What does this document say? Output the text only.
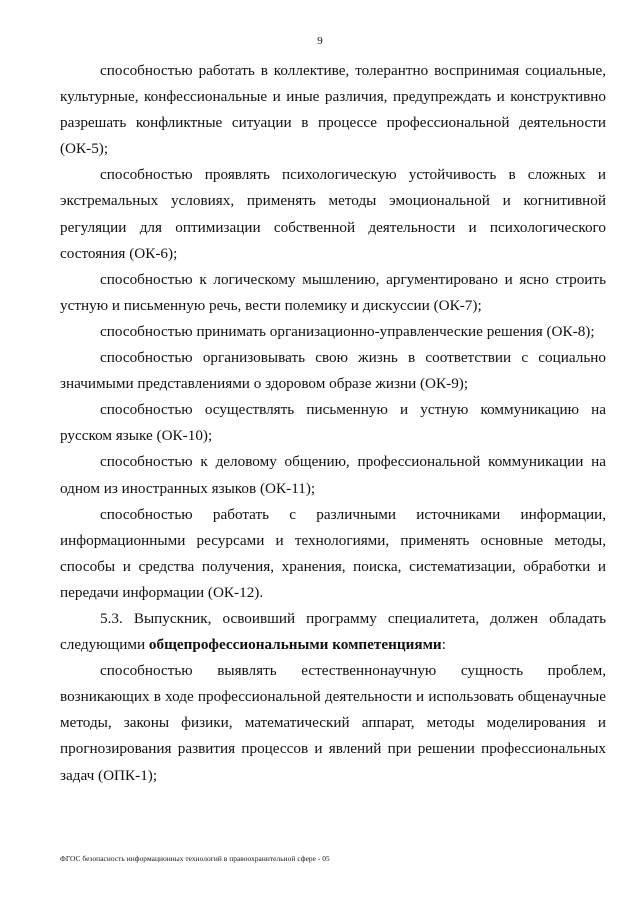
9

способностью работать в коллективе, толерантно воспринимая социальные, культурные, конфессиональные и иные различия, предупреждать и конструктивно разрешать конфликтные ситуации в процессе профессиональной деятельности (ОК-5);

способностью проявлять психологическую устойчивость в сложных и экстремальных условиях, применять методы эмоциональной и когнитивной регуляции для оптимизации собственной деятельности и психологического состояния (ОК-6);

способностью к логическому мышлению, аргументировано и ясно строить устную и письменную речь, вести полемику и дискуссии (ОК-7);

способностью принимать организационно-управленческие решения (ОК-8);

способностью организовывать свою жизнь в соответствии с социально значимыми представлениями о здоровом образе жизни (ОК-9);

способностью осуществлять письменную и устную коммуникацию на русском языке (ОК-10);

способностью к деловому общению, профессиональной коммуникации на одном из иностранных языков (ОК-11);

способностью работать с различными источниками информации, информационными ресурсами и технологиями, применять основные методы, способы и средства получения, хранения, поиска, систематизации, обработки и передачи информации (ОК-12).

5.3. Выпускник, освоивший программу специалитета, должен обладать следующими общепрофессиональными компетенциями:

способностью выявлять естественнонаучную сущность проблем, возникающих в ходе профессиональной деятельности и использовать общенаучные методы, законы физики, математический аппарат, методы моделирования и прогнозирования развития процессов и явлений при решении профессиональных задач (ОПК-1);

ФГОС безопасность информационных технологий в правоохранительной сфере - 05
